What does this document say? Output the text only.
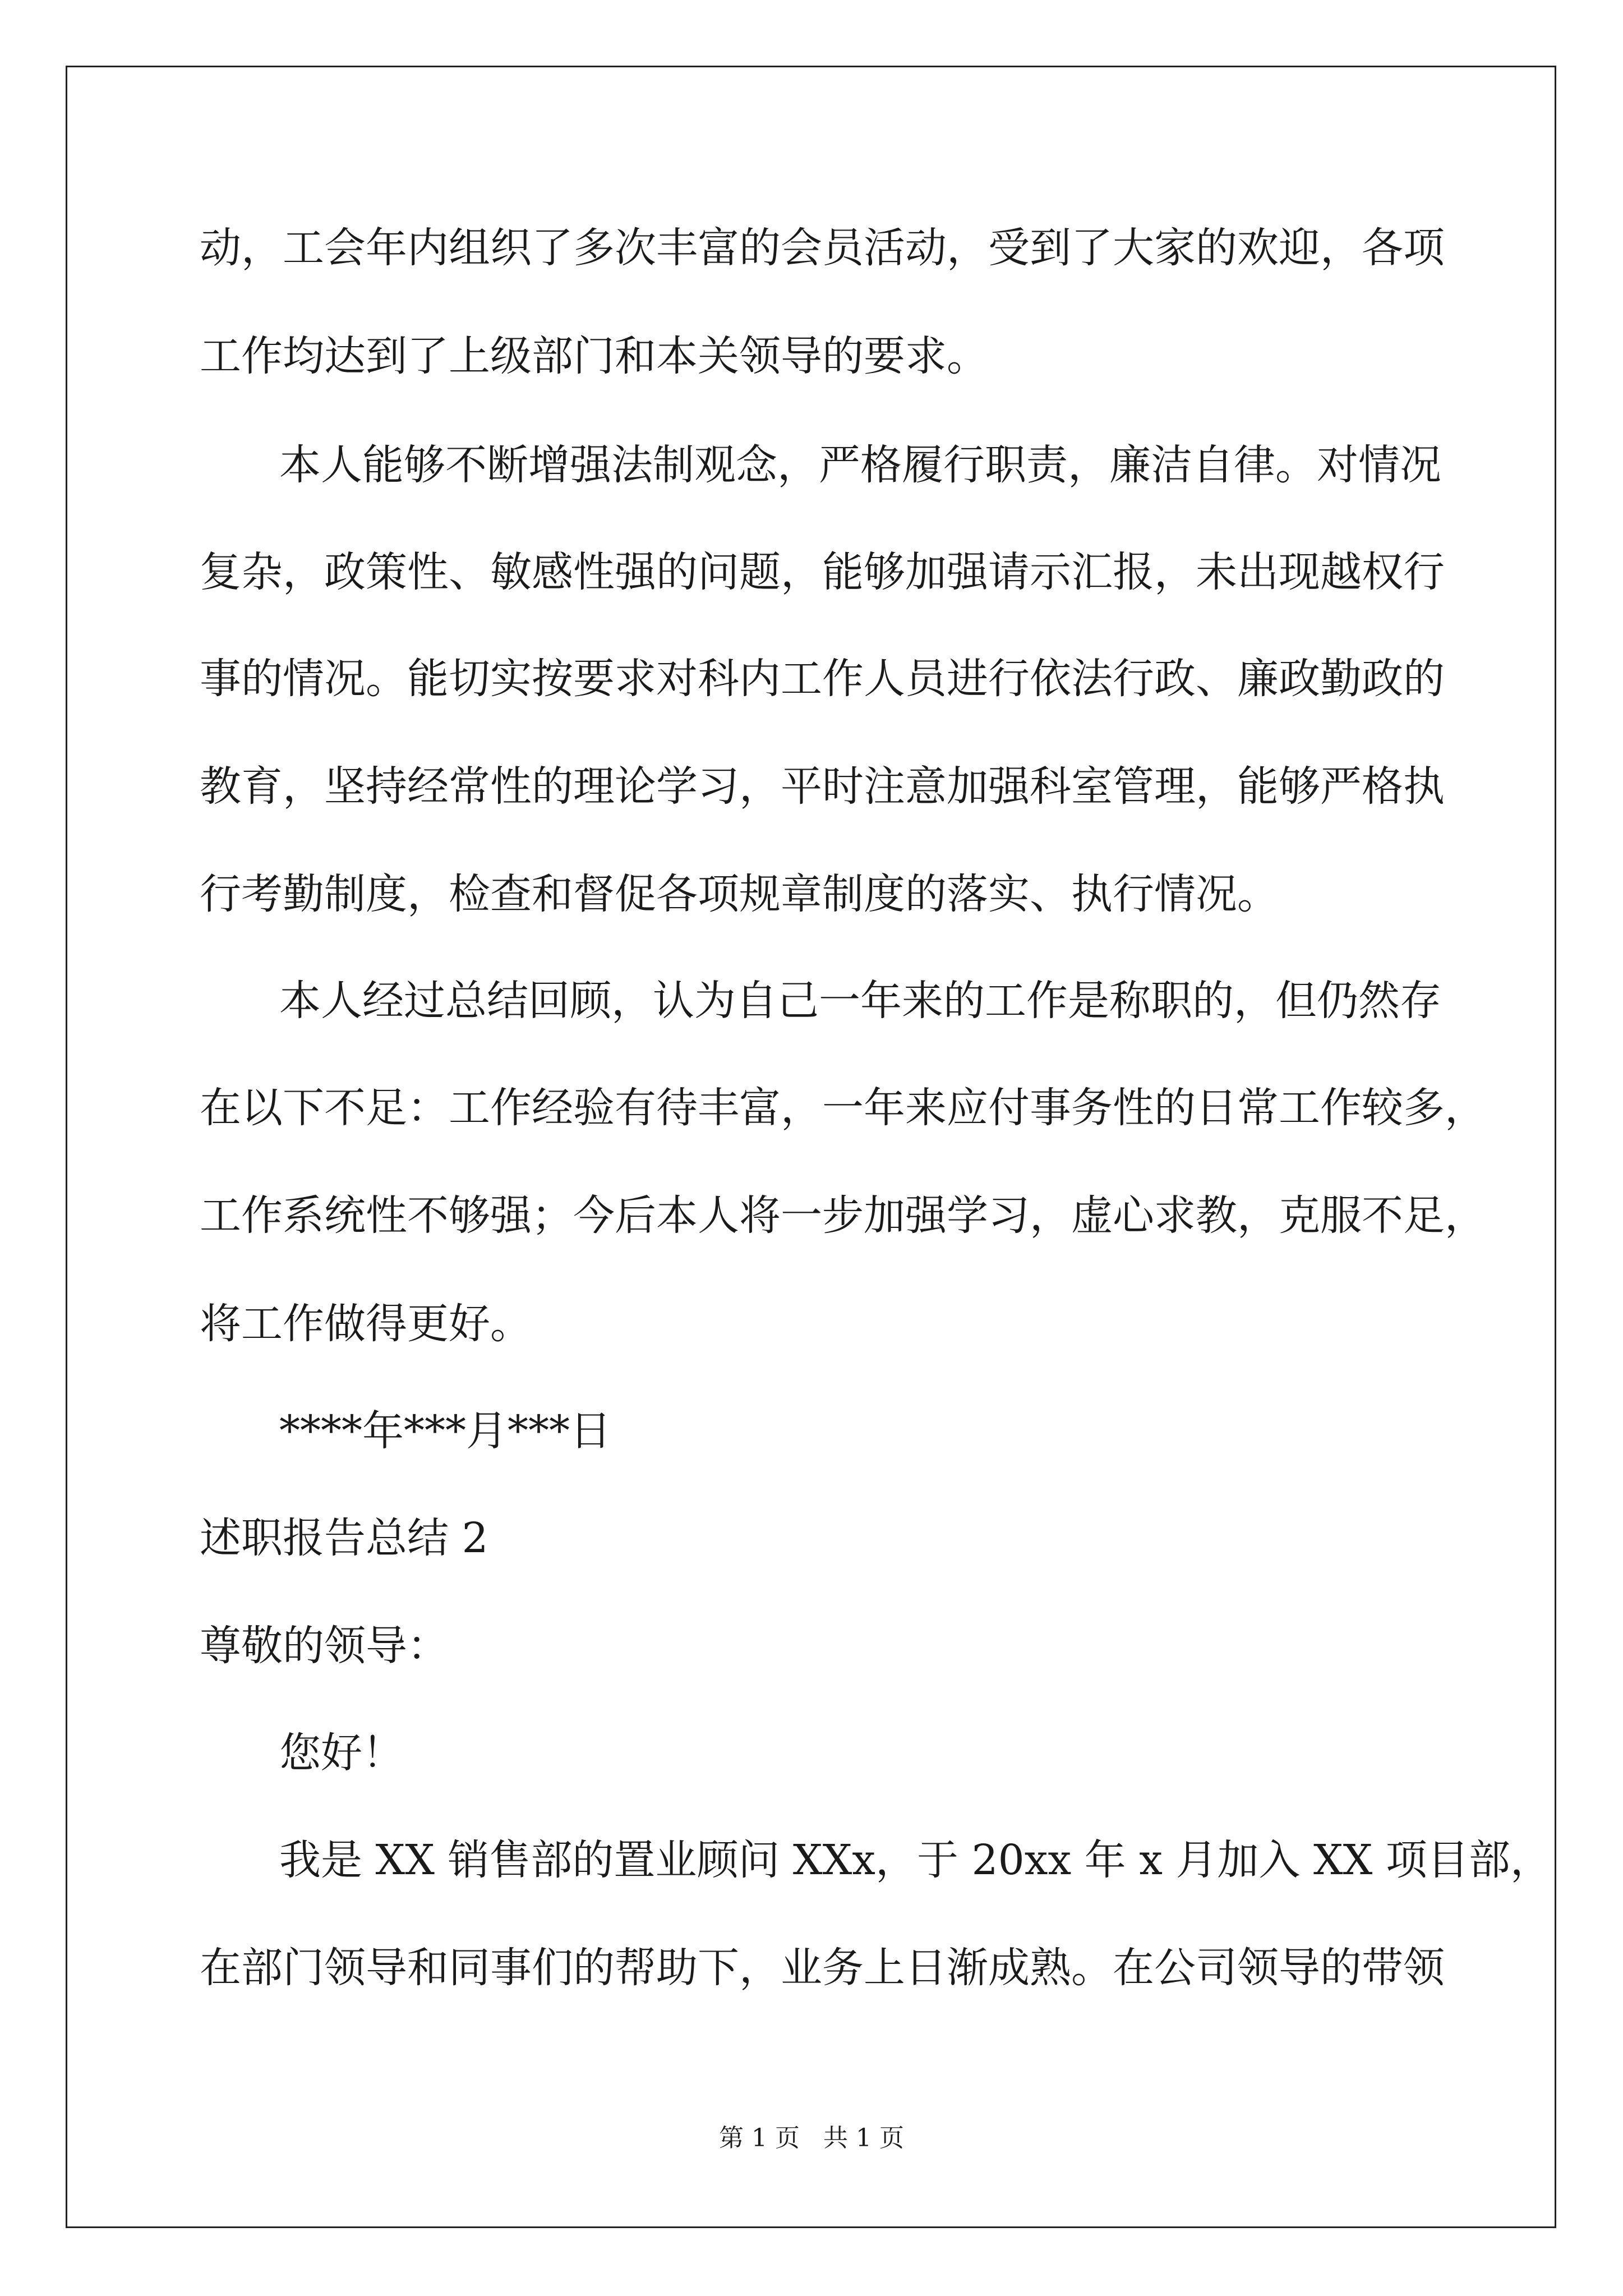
动，工会年内组织了多次丰富的会员活动，受到了大家的欢迎，各项
工作均达到了上级部门和本关领导的要求。
本人能够不断增强法制观念，严格履行职责，廉洁自律。对情况
复杂，政策性、敏感性强的问题，能够加强请示汇报，未出现越权行
事的情况。能切实按要求对科内工作人员进行依法行政、廉政勤政的
教育，坚持经常性的理论学习，平时注意加强科室管理，能够严格执
行考勤制度，检查和督促各项规章制度的落实、执行情况。
本人经过总结回顾，认为自己一年来的工作是称职的，但仍然存
在以下不足：工作经验有待丰富，一年来应付事务性的日常工作较多，
工作系统性不够强；今后本人将一步加强学习，虚心求教，克服不足，
将工作做得更好。
****年***月***日
述职报告总结 2
尊敬的领导：
您好！
我是 XX 销售部的置业顾问 XXx，于 20xx 年 x 月加入 XX 项目部，
在部门领导和同事们的帮助下，业务上日渐成熟。在公司领导的带领
第 1 页   共 1 页
